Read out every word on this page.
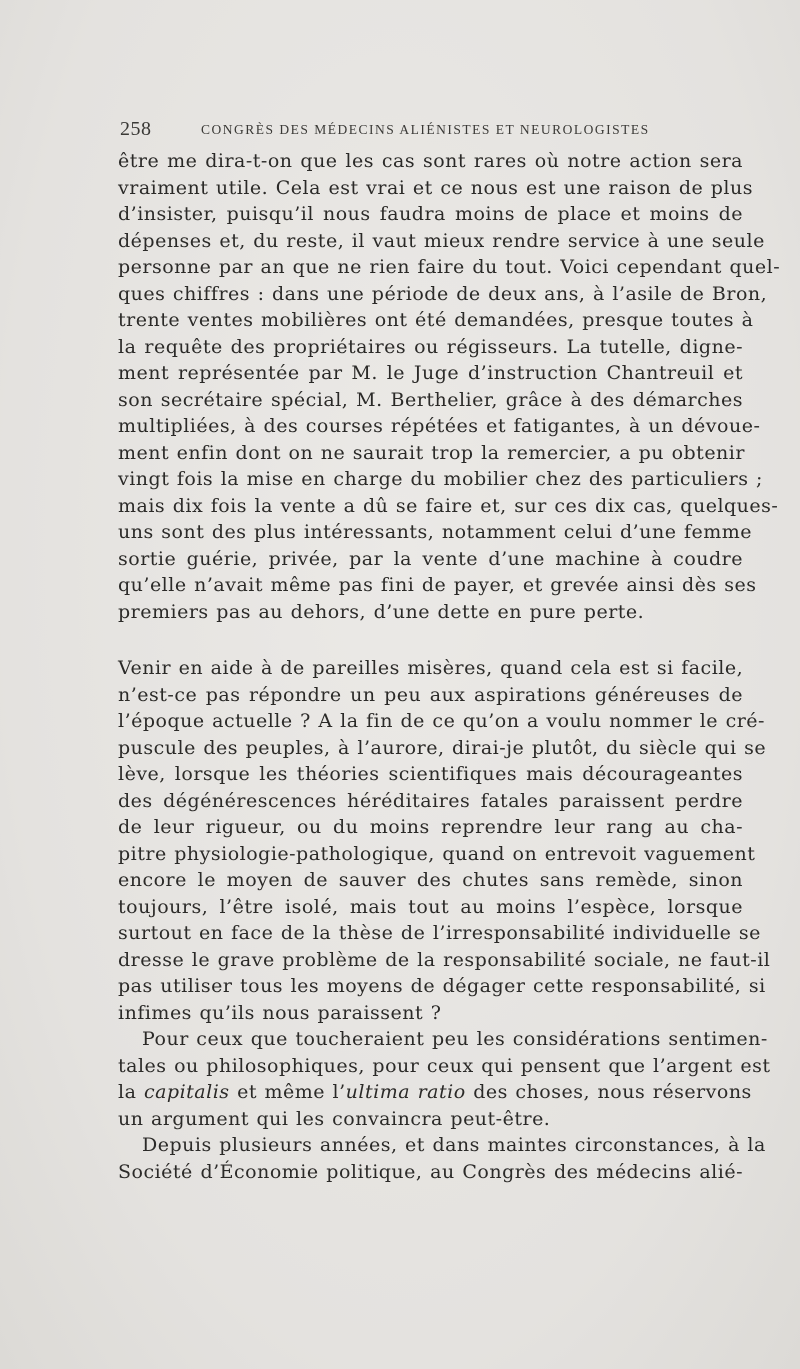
258	CONGRÈS DES MÉDECINS ALIÉNISTES ET NEUROLOGISTES
être me dira-t-on que les cas sont rares où notre action sera
vraiment utile. Cela est vrai et ce nous est une raison de plus
d’insister, puisqu’il nous faudra moins de place et moins de
dépenses et, du reste, il vaut mieux rendre service à une seule
personne par an que ne rien faire du tout. Voici cependant quel-
ques chiffres : dans une période de deux ans, à l’asile de Bron,
trente ventes mobilières ont été demandées, presque toutes à
la requête des propriétaires ou régisseurs. La tutelle, digne-
ment représentée par M. le Juge d’instruction Chantreuil et
son secrétaire spécial, M. Berthelier, grâce à des démarches
multipliées, à des courses répétées et fatigantes, à un dévoue-
ment enfin dont on ne saurait trop la remercier, a pu obtenir
vingt fois la mise en charge du mobilier chez des particuliers ;
mais dix fois la vente a dû se faire et, sur ces dix cas, quelques-
uns sont des plus intéressants, notamment celui d’une femme
sortie guérie, privée, par la vente d’une machine à coudre
qu’elle n’avait même pas fini de payer, et grevée ainsi dès ses
premiers pas au dehors, d’une dette en pure perte.
Venir en aide à de pareilles misères, quand cela est si facile,
n’est-ce pas répondre un peu aux aspirations généreuses de
l’époque actuelle ? A la fin de ce qu’on a voulu nommer le cré-
puscule des peuples, à l’aurore, dirai-je plutôt, du siècle qui se
lève, lorsque les théories scientifiques mais décourageantes
des dégénérescences héréditaires fatales paraissent perdre
de leur rigueur, ou du moins reprendre leur rang au cha-
pitre physiologie-pathologique, quand on entrevoit vaguement
encore le moyen de sauver des chutes sans remède, sinon
toujours, l’être isolé, mais tout au moins l’espèce, lorsque
surtout en face de la thèse de l’irresponsabilité individuelle se
dresse le grave problème de la responsabilité sociale, ne faut-il
pas utiliser tous les moyens de dégager cette responsabilité, si
infimes qu’ils nous paraissent ?
Pour ceux que toucheraient peu les considérations sentimen-
tales ou philosophiques, pour ceux qui pensent que l’argent est
la capitalis et même l’ultima ratio des choses, nous réservons
un argument qui les convaincra peut-être.
Depuis plusieurs années, et dans maintes circonstances, à la
Société d’Économie politique, au Congrès des médecins alié-
